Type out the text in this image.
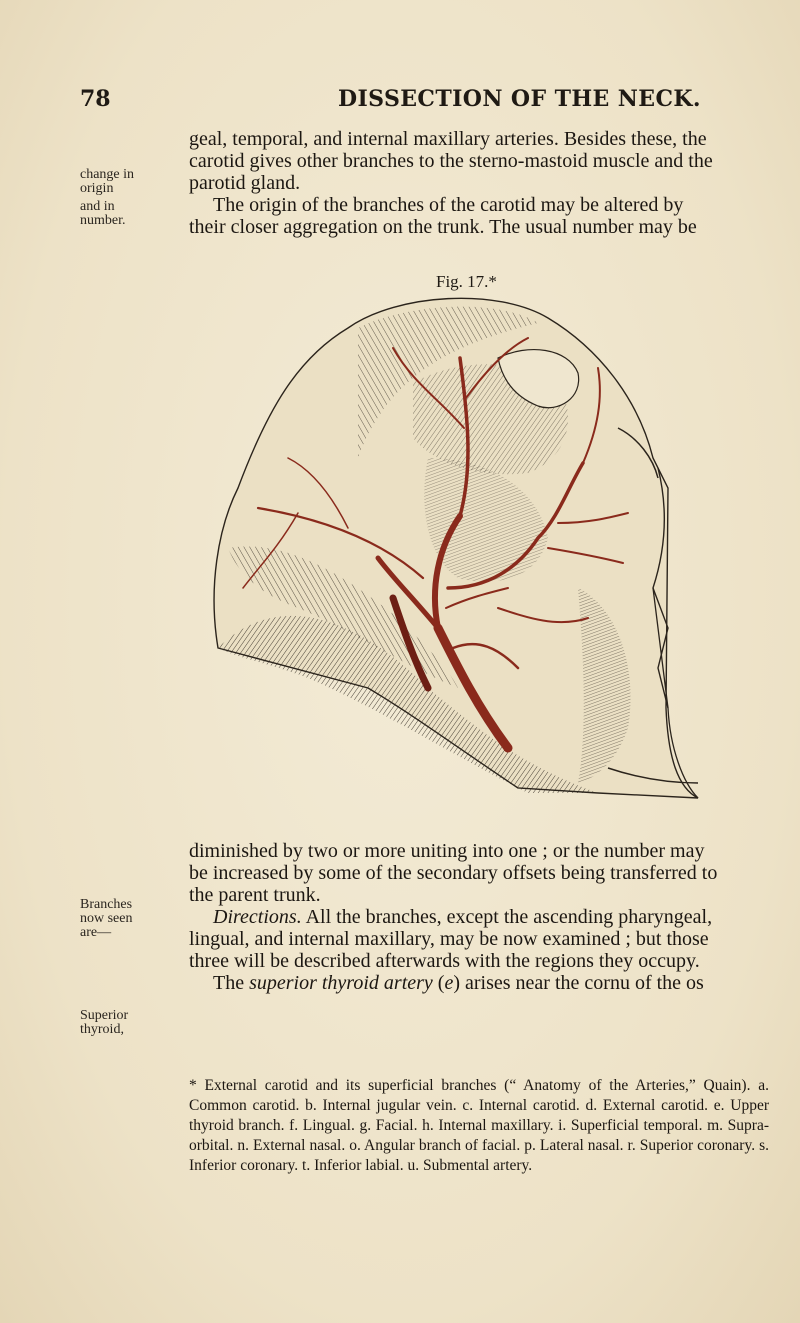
78	DISSECTION OF THE NECK.
change in
origin
and in
number.
Branches
now seen
are—
Superior
thyroid,
geal, temporal, and internal maxillary arteries. Besides these, the
carotid gives other branches to the sterno-mastoid muscle and the
parotid gland.
The origin of the branches of the carotid may be altered by
their closer aggregation on the trunk. The usual number may be
Fig. 17.*
diminished by two or more uniting into one ; or the number may
be increased by some of the secondary offsets being transferred to
the parent trunk.
Directions. All the branches, except the ascending pharyngeal,
lingual, and internal maxillary, may be now examined ; but those
three will be described afterwards with the regions they occupy.
The superior thyroid artery (e) arises near the cornu of the os
* External carotid and its superficial branches (“ Anatomy of the Arteries,” Quain). a. Common carotid. b. Internal jugular vein. c. Internal carotid. d. External carotid. e. Upper thyroid branch. f. Lingual. g. Facial. h. Internal maxillary. i. Superficial temporal. m. Supra-orbital. n. External nasal. o. Angular branch of facial. p. Lateral nasal. r. Superior coronary. s. Inferior coronary. t. Inferior labial. u. Submental artery.
